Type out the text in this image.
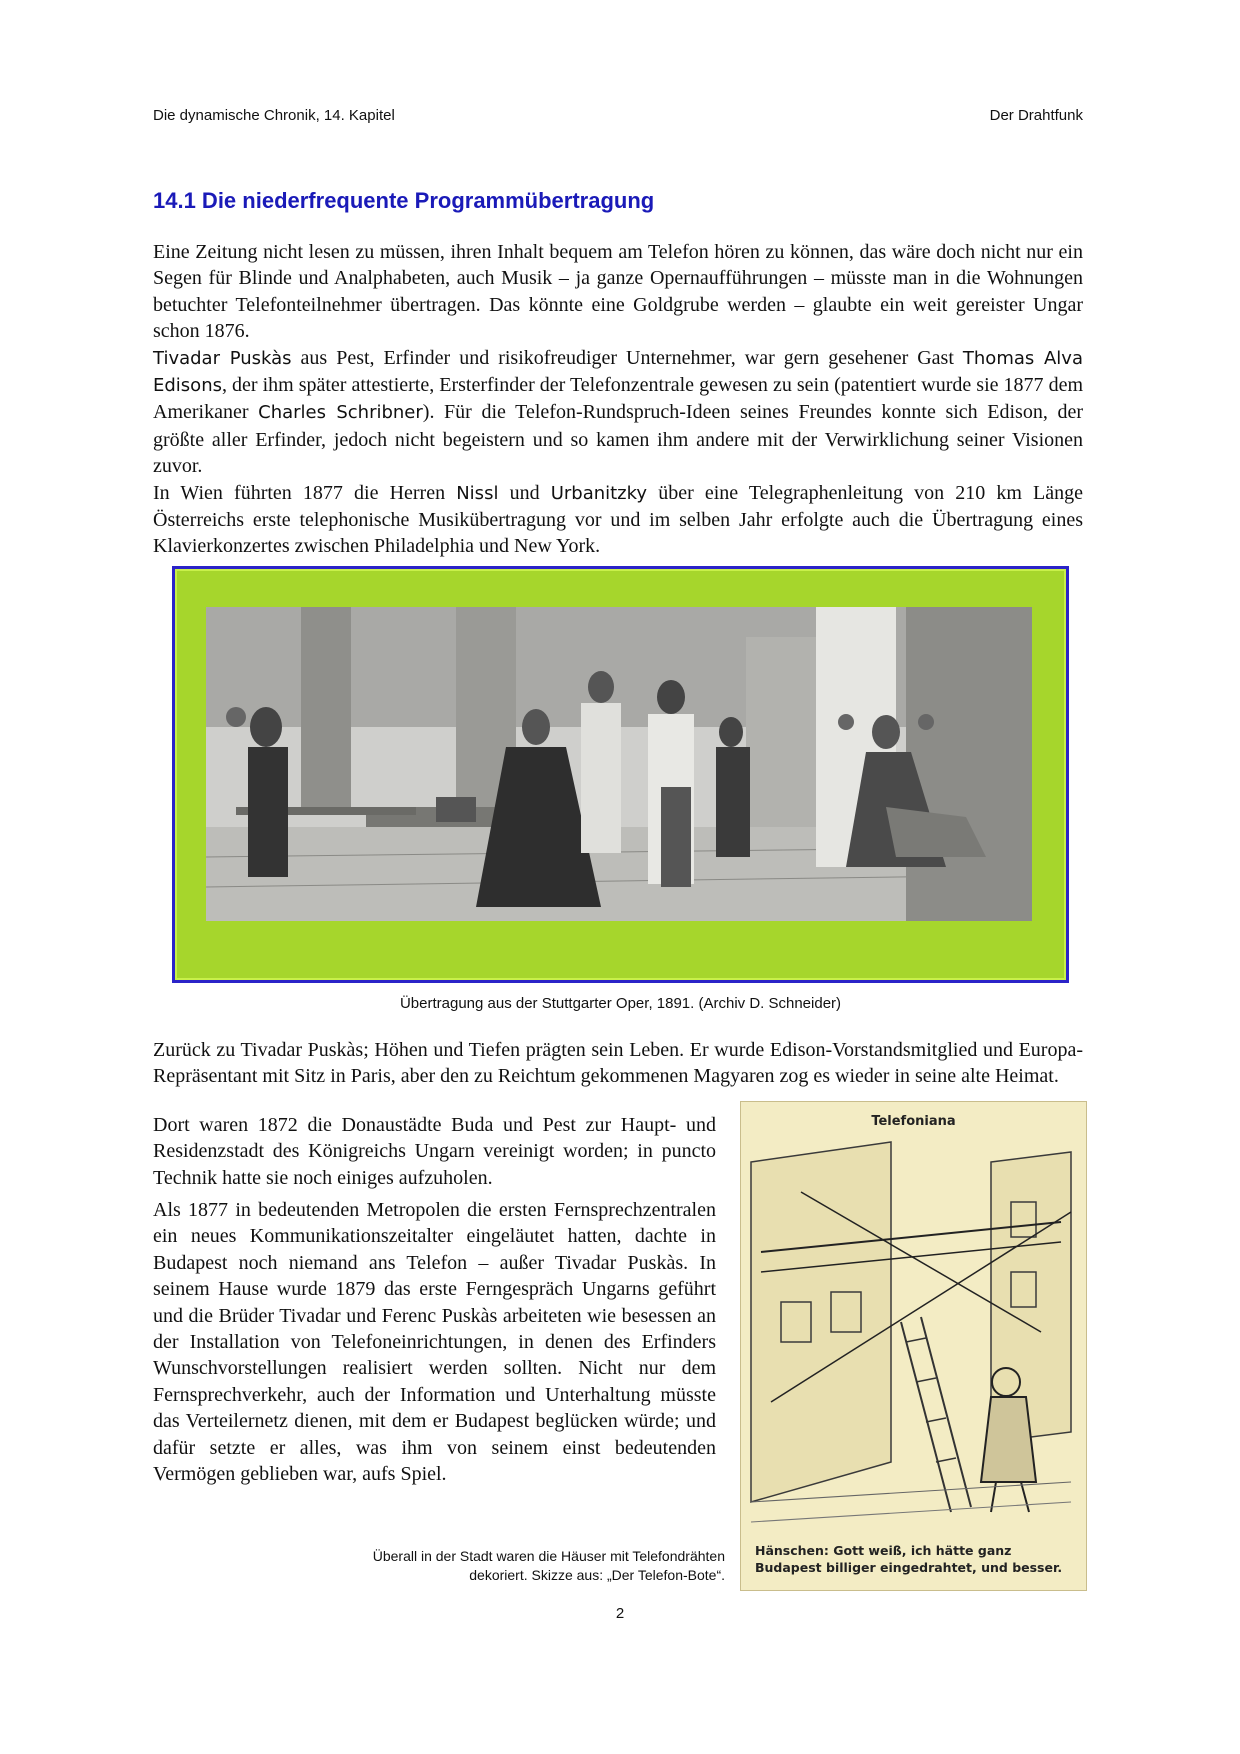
Die dynamische Chronik, 14. Kapitel	Der Drahtfunk
14.1 Die niederfrequente Programmübertragung

Eine Zeitung nicht lesen zu müssen, ihren Inhalt bequem am Telefon hören zu können, das wäre doch nicht nur ein Segen für Blinde und Analphabeten, auch Musik – ja ganze Opernaufführungen – müsste man in die Wohnungen betuchter Telefonteilnehmer übertragen. Das könnte eine Goldgrube werden – glaubte ein weit gereister Ungar schon 1876.
Tivadar Puskàs aus Pest, Erfinder und risikofreudiger Unternehmer, war gern gesehener Gast Thomas Alva Edisons, der ihm später attestierte, Ersterfinder der Telefonzentrale gewesen zu sein (patentiert wurde sie 1877 dem Amerikaner Charles Schribner). Für die Telefon-Rundspruch-Ideen seines Freundes konnte sich Edison, der größte aller Erfinder, jedoch nicht begeistern und so kamen ihm andere mit der Verwirklichung seiner Visionen zuvor.
In Wien führten 1877 die Herren Nissl und Urbanitzky über eine Telegraphenleitung von 210 km Länge Österreichs erste telephonische Musikübertragung vor und im selben Jahr erfolgte auch die Übertragung eines Klavierkonzertes zwischen Philadelphia und New York.

Übertragung aus der Stuttgarter Oper, 1891. (Archiv D. Schneider)

Zurück zu Tivadar Puskàs; Höhen und Tiefen prägten sein Leben. Er wurde Edison-Vorstandsmitglied und Europa-Repräsentant mit Sitz in Paris, aber den zu Reichtum gekommenen Magyaren zog es wieder in seine alte Heimat.

Dort waren 1872 die Donaustädte Buda und Pest zur Haupt- und Residenzstadt des Königreichs Ungarn vereinigt worden; in puncto Technik hatte sie noch einiges aufzuholen.

Als 1877 in bedeutenden Metropolen die ersten Fernsprechzentralen ein neues Kommunikationszeitalter eingeläutet hatten, dachte in Budapest noch niemand ans Telefon – außer Tivadar Puskàs. In seinem Hause wurde 1879 das erste Ferngespräch Ungarns geführt und die Brüder Tivadar und Ferenc Puskàs arbeiteten wie besessen an der Installation von Telefoneinrichtungen, in denen des Erfinders Wunschvorstellungen realisiert werden sollten. Nicht nur dem Fernsprechverkehr, auch der Information und Unterhaltung müsste das Verteilernetz dienen, mit dem er Budapest beglücken würde; und dafür setzte er alles, was ihm von seinem einst bedeutenden Vermögen geblieben war, aufs Spiel.

Telefoniana
Hänschen: Gott weiß, ich hätte ganz Budapest billiger eingedrahtet, und besser.
Überall in der Stadt waren die Häuser mit Telefondrähten dekoriert. Skizze aus: „Der Telefon-Bote“.
2
